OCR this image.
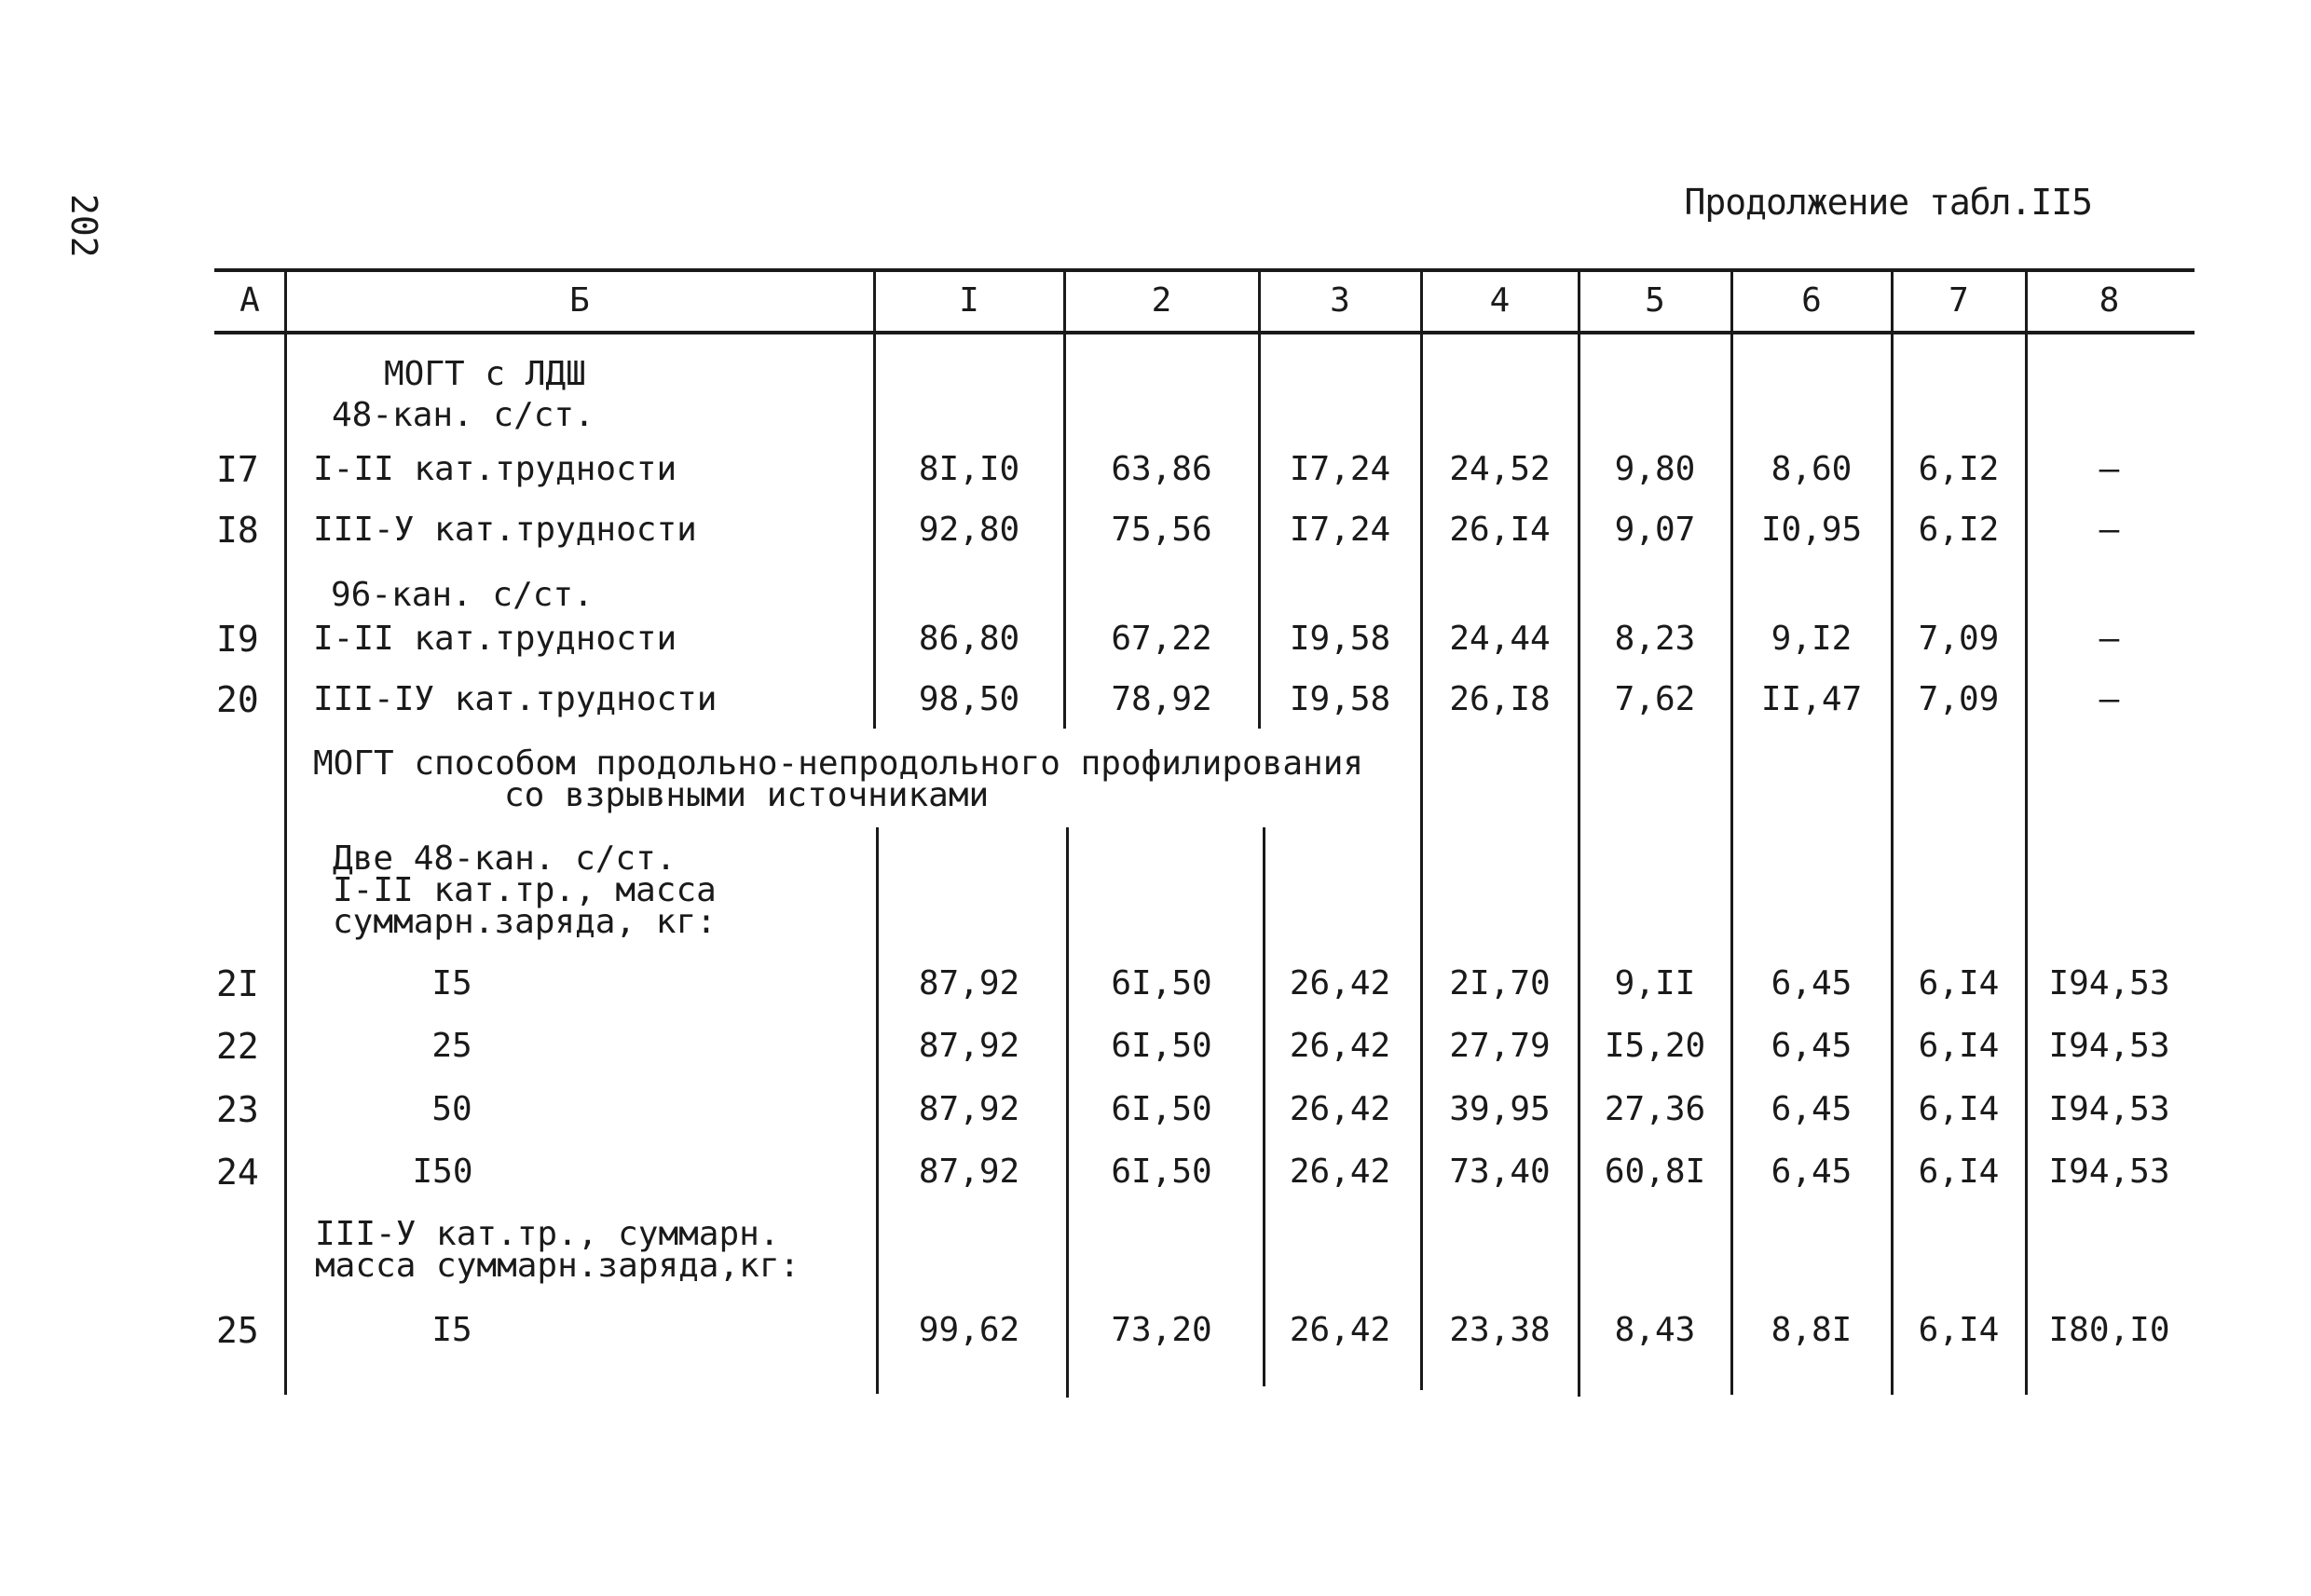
202	Продолжение табл.II5
А	Б	I	2	3	4	5	6	7	8
МОГТ с ЛДШ
48-кан. с/ст.
96-кан. с/ст.
МОГТ способом продольно-непродольного профилирования
со взрывными источниками
Две 48-кан. с/ст.
I-II кат.тр., масса
суммарн.заряда, кг:
III-У кат.тр., суммарн.
масса суммарн.заряда,кг:
I7 I-II кат.трудности	8I,I0	63,86	I7,24	24,52	9,80	8,60	6,I2	–
I8 III-У кат.трудности	92,80	75,56	I7,24	26,I4	9,07	I0,95	6,I2	–
I9 I-II кат.трудности	86,80	67,22	I9,58	24,44	8,23	9,I2	7,09	–
20 III-IУ кат.трудности	98,50	78,92	I9,58	26,I8	7,62	II,47	7,09	–
2I	I5	87,92	6I,50	26,42	2I,70	9,II	6,45	6,I4	I94,53
22	25	87,92	6I,50	26,42	27,79	I5,20	6,45	6,I4	I94,53
23	50	87,92	6I,50	26,42	39,95	27,36	6,45	6,I4	I94,53
24	I50	87,92	6I,50	26,42	73,40	60,8I	6,45	6,I4	I94,53
25	I5	99,62	73,20	26,42	23,38	8,43	8,8I	6,I4	I80,I0
